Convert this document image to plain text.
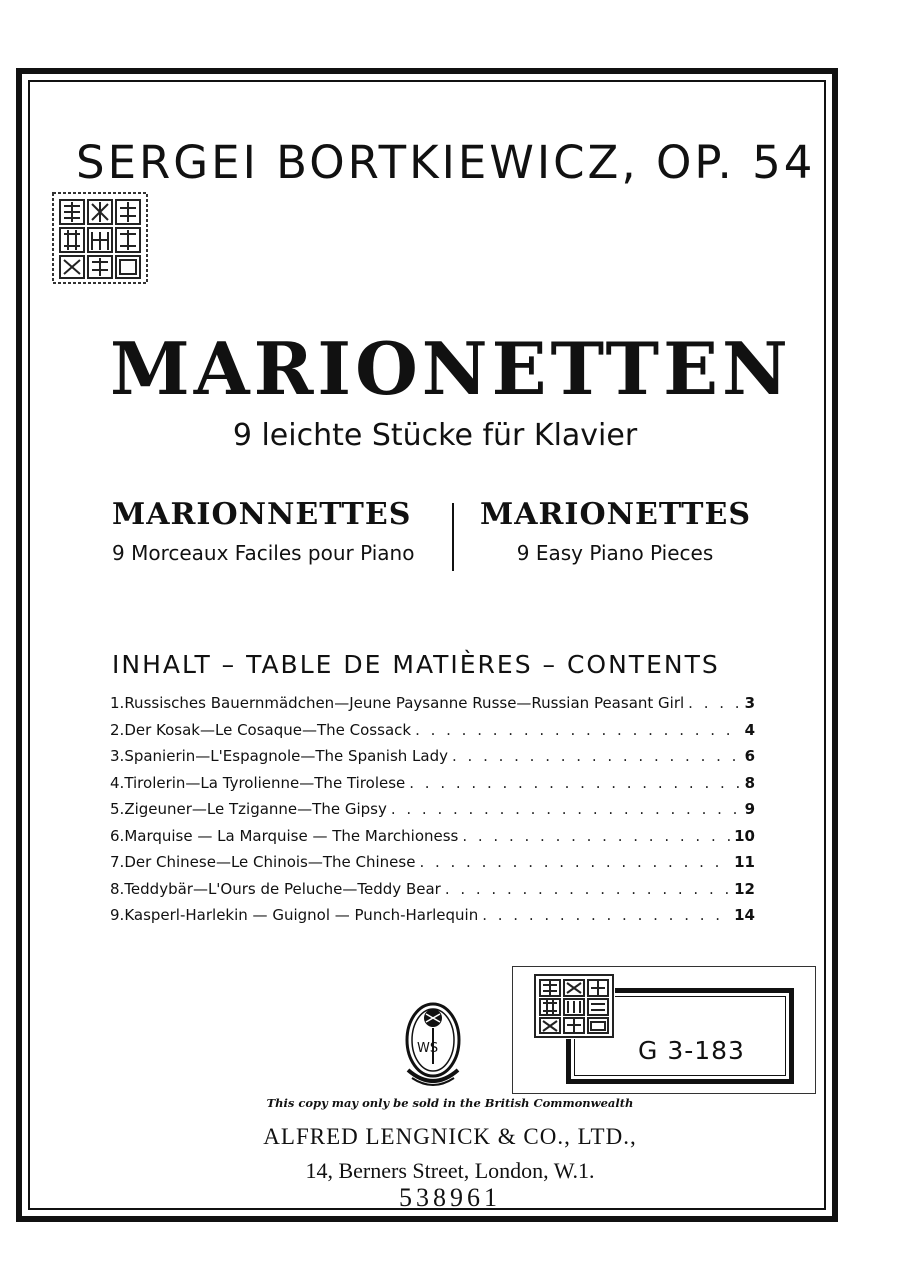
SERGEI BORTKIEWICZ, OP. 54
MARIONETTEN
9 leichte Stücke für Klavier
MARIONNETTES
9 Morceaux Faciles pour Piano
MARIONETTES
9 Easy Piano Pieces
INHALT – TABLE DE MATIÈRES – CONTENTS
1. Russisches Bauernmädchen—Jeune Paysanne Russe—Russian Peasant Girl . . .	3
2. Der Kosak—Le Cosaque—The Cossack . . .	4
3. Spanierin—L'Espagnole—The Spanish Lady . . .	6
4. Tirolerin—La Tyrolienne—The Tirolese . . .	8
5. Zigeuner—Le Tziganne—The Gipsy . . .	9
6. Marquise — La Marquise — The Marchioness . . .	10
7. Der Chinese—Le Chinois—The Chinese . . .	11
8. Teddybär—L'Ours de Peluche—Teddy Bear . . .	12
9. Kasperl-Harlekin — Guignol — Punch-Harlequin . . .	14
WS	G 3-183
This copy may only be sold in the British Commonwealth
ALFRED LENGNICK & CO., LTD.,
14, Berners Street, London, W.1.
538961
